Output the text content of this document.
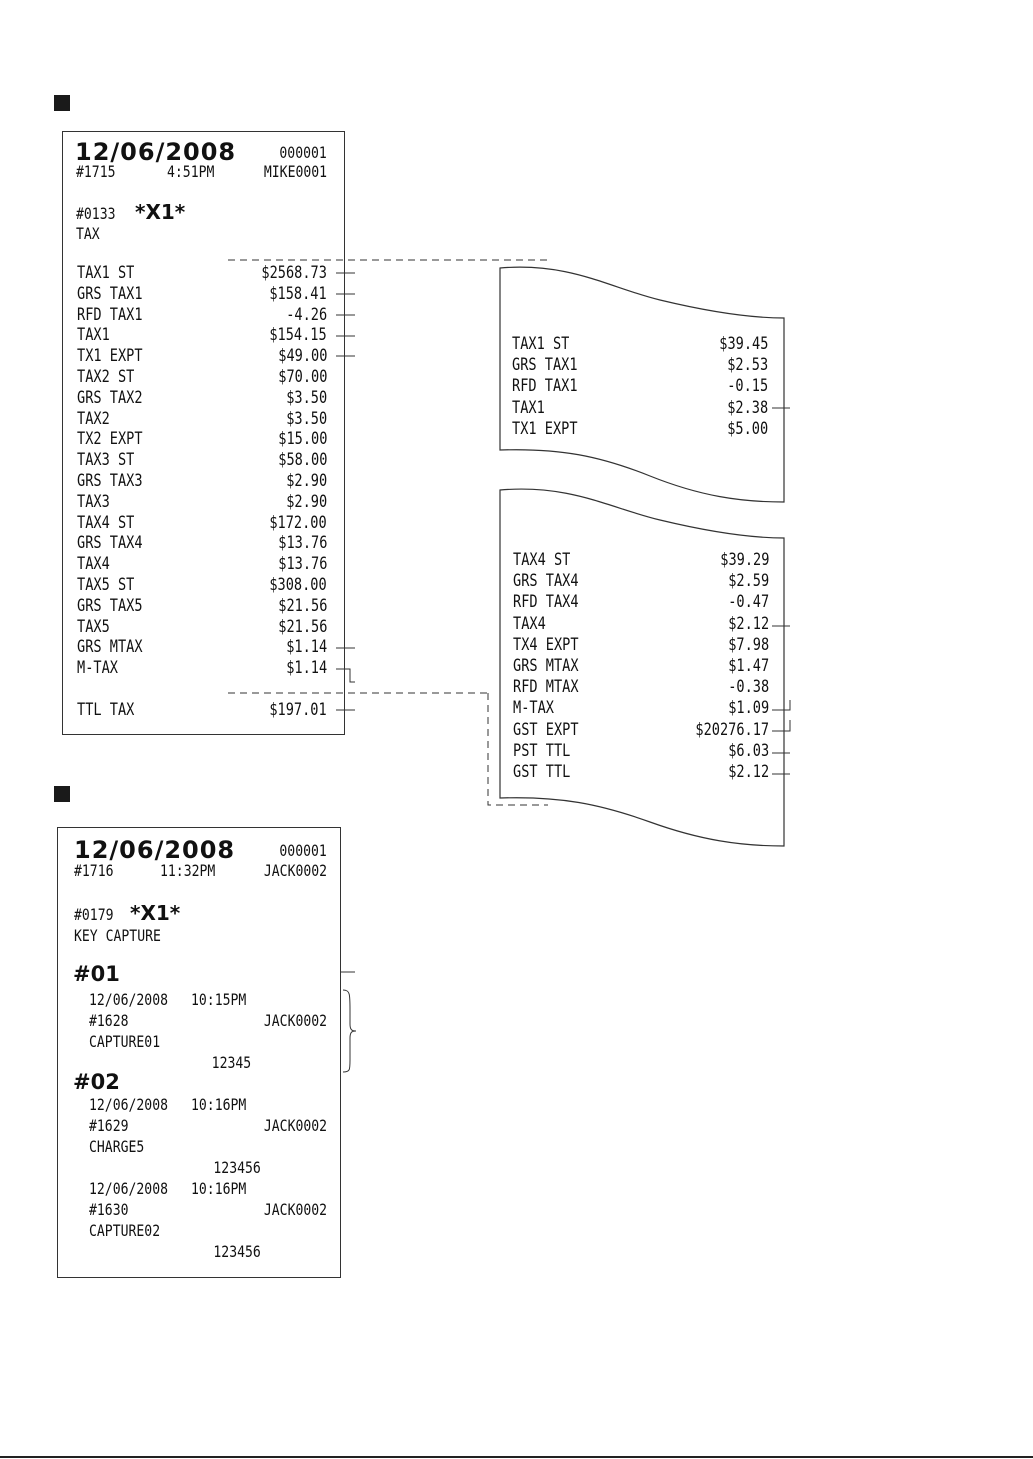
12/06/2008	000001
#1715	4:51PM	MIKE0001
#0133 *X1*
TAX
TAX1 ST	$2568.73
GRS TAX1	$158.41
RFD TAX1	-4.26
TAX1	$154.15
TX1 EXPT	$49.00
TAX2 ST	$70.00
GRS TAX2	$3.50
TAX2	$3.50
TX2 EXPT	$15.00
TAX3 ST	$58.00
GRS TAX3	$2.90
TAX3	$2.90
TAX4 ST	$172.00
GRS TAX4	$13.76
TAX4	$13.76
TAX5 ST	$308.00
GRS TAX5	$21.56
TAX5	$21.56
GRS MTAX	$1.14
M-TAX	$1.14
TTL TAX	$197.01
TAX1 ST	$39.45
GRS TAX1	$2.53
RFD TAX1	-0.15
TAX1	$2.38
TX1 EXPT	$5.00
TAX4 ST	$39.29
GRS TAX4	$2.59
RFD TAX4	-0.47
TAX4	$2.12
TX4 EXPT	$7.98
GRS MTAX	$1.47
RFD MTAX	-0.38
M-TAX	$1.09
GST EXPT	$20276.17
PST TTL	$6.03
GST TTL	$2.12
12/06/2008	000001
#1716	11:32PM	JACK0002
#0179 *X1*
KEY CAPTURE
#01
12/06/2008 10:15PM
#1628	JACK0002
CAPTURE01
12345
#02
12/06/2008 10:16PM
#1629	JACK0002
CHARGE5
123456
12/06/2008 10:16PM
#1630	JACK0002
CAPTURE02
123456
